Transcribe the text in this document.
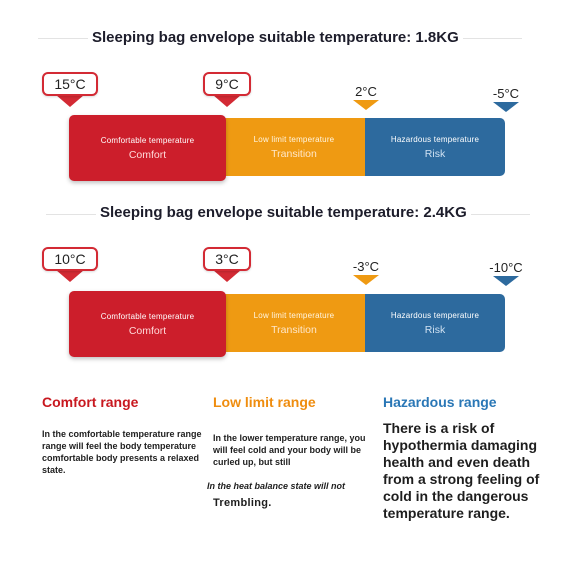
Sleeping bag envelope suitable temperature: 1.8KG
15°C	9°C	2°C	-5°C
Low limit temperature
Transition
Hazardous temperature
Risk
Comfortable temperature
Comfort
Sleeping bag envelope suitable temperature: 2.4KG
10°C	3°C	-3°C	-10°C
Low limit temperature
Transition
Hazardous temperature
Risk
Comfortable temperature
Comfort
Comfort range

In the comfortable temperature range range will feel the body temperature comfortable body presents a relaxed state.

Low limit range

In the lower temperature range, you will feel cold and your body will be curled up, but still

In the heat balance state will not

Trembling.

Hazardous range

There is a risk of hypothermia damaging health and even death from a strong feeling of cold in the dangerous temperature range.
